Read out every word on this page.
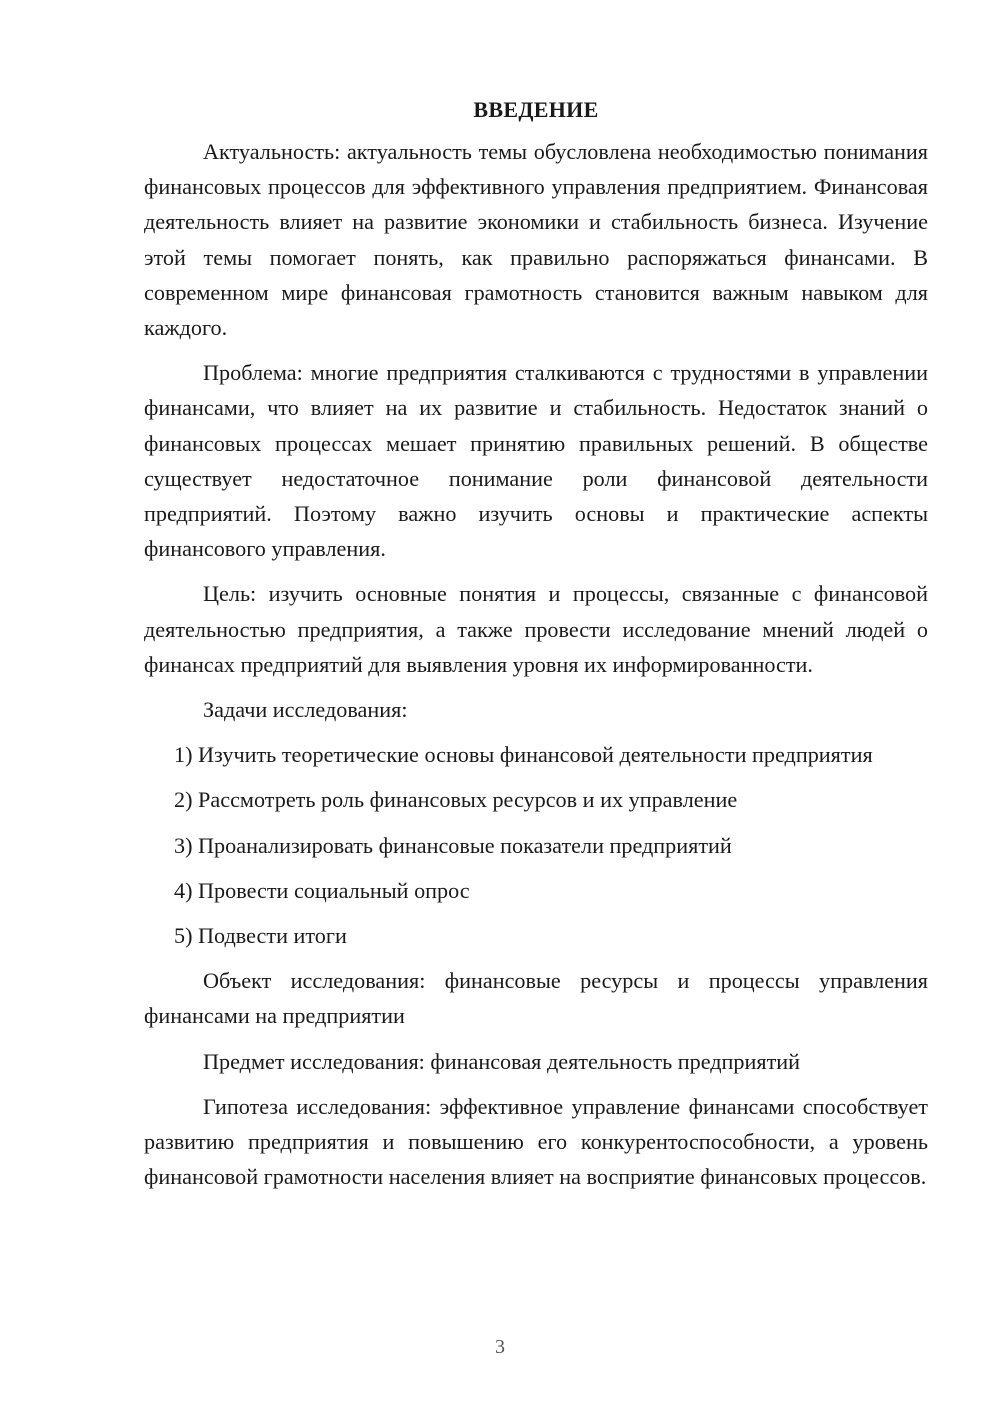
ВВЕДЕНИЕ

Актуальность: актуальность темы обусловлена необходимостью понимания финансовых процессов для эффективного управления предприятием. Финансовая деятельность влияет на развитие экономики и стабильность бизнеса. Изучение этой темы помогает понять, как правильно распоряжаться финансами. В современном мире финансовая грамотность становится важным навыком для каждого.

Проблема: многие предприятия сталкиваются с трудностями в управлении финансами, что влияет на их развитие и стабильность. Недостаток знаний о финансовых процессах мешает принятию правильных решений. В обществе существует недостаточное понимание роли финансовой деятельности предприятий. Поэтому важно изучить основы и практические аспекты финансового управления.

Цель: изучить основные понятия и процессы, связанные с финансовой деятельностью предприятия, а также провести исследование мнений людей о финансах предприятий для выявления уровня их информированности.

Задачи исследования:

1) Изучить теоретические основы финансовой деятельности предприятия

2) Рассмотреть роль финансовых ресурсов и их управление

3) Проанализировать финансовые показатели предприятий

4) Провести социальный опрос

5) Подвести итоги

Объект исследования: финансовые ресурсы и процессы управления финансами на предприятии

Предмет исследования: финансовая деятельность предприятий

Гипотеза исследования: эффективное управление финансами способствует развитию предприятия и повышению его конкурентоспособности, а уровень финансовой грамотности населения влияет на восприятие финансовых процессов.

3
